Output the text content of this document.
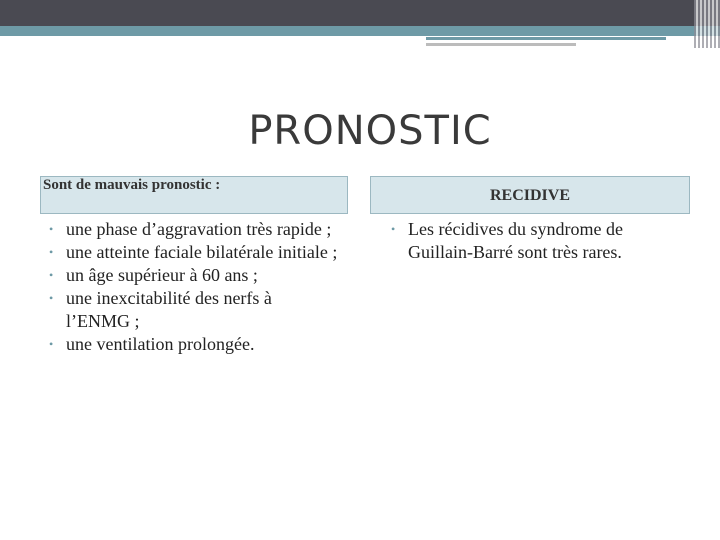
PRONOSTIC
Sont de mauvais pronostic :
RECIDIVE
• une phase d’aggravation très rapide ;
• une atteinte faciale bilatérale initiale ;
• un âge supérieur à 60 ans ;
• une inexcitabilité des nerfs à l’ENMG ;
• une ventilation prolongée.
• Les récidives du syndrome de Guillain-Barré sont très rares.
